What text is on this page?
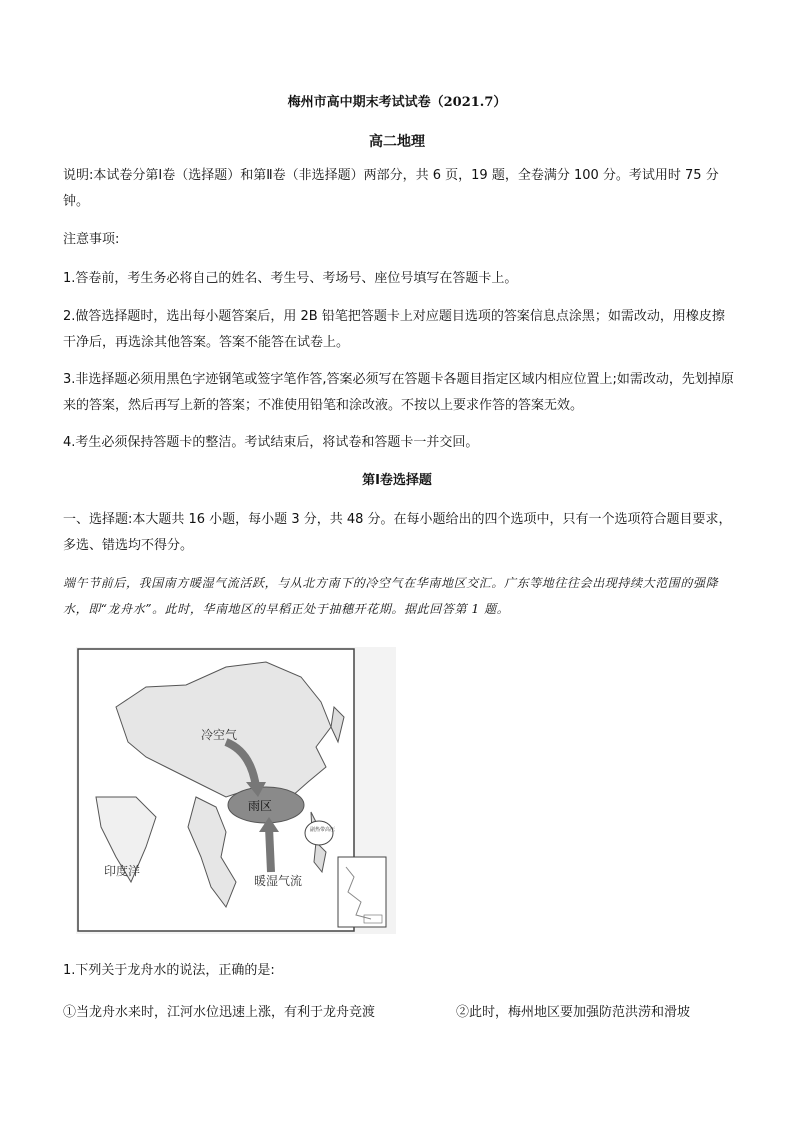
梅州市高中期末考试试卷（2021.7）
高二地理
说明:本试卷分第Ⅰ卷（选择题）和第Ⅱ卷（非选择题）两部分，共 6 页，19 题，全卷满分 100 分。考试用时 75 分钟。
注意事项:
1.答卷前，考生务必将自己的姓名、考生号、考场号、座位号填写在答题卡上。
2.做答选择题时，选出每小题答案后，用 2B 铅笔把答题卡上对应题目选项的答案信息点涂黑；如需改动，用橡皮擦干净后，再选涂其他答案。答案不能答在试卷上。
3.非选择题必须用黑色字迹钢笔或签字笔作答,答案必须写在答题卡各题目指定区域内相应位置上;如需改动，先划掉原来的答案，然后再写上新的答案；不准使用铅笔和涂改液。不按以上要求作答的答案无效。
4.考生必须保持答题卡的整洁。考试结束后，将试卷和答题卡一并交回。
第Ⅰ卷选择题
一、选择题:本大题共 16 小题，每小题 3 分，共 48 分。在每小题给出的四个选项中，只有一个选项符合题目要求，多选、错选均不得分。
端午节前后，我国南方暖湿气流活跃，与从北方南下的冷空气在华南地区交汇。广东等地往往会出现持续大范围的强降水，即“龙舟水”。此时，华南地区的早稻正处于抽穗开花期。据此回答第 1 题。
冷空气
雨区
暖湿气流
印度洋
副热带高压
1.下列关于龙舟水的说法，正确的是:
①当龙舟水来时，江河水位迅速上涨，有利于龙舟竞渡	②此时，梅州地区要加强防范洪涝和滑坡
